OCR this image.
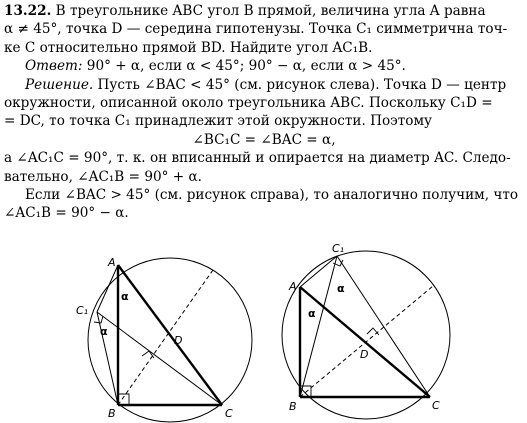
13.22. В треугольнике ABC угол B прямой, величина угла A равна
α ≠ 45°, точка D — середина гипотенузы. Точка C₁ симметрична точ-
ке C относительно прямой BD. Найдите угол AC₁B.
Ответ: 90° + α, если α < 45°; 90° − α, если α > 45°.
Решение. Пусть ∠BAC < 45° (см. рисунок слева). Точка D — центр
окружности, описанной около треугольника ABC. Поскольку C₁D =
= DC, то точка C₁ принадлежит этой окружности. Поэтому
∠BC₁C = ∠BAC = α,
а ∠AC₁C = 90°, т. к. он вписанный и опирается на диаметр AC. Следо-
вательно, ∠AC₁B = 90° + α.
Если ∠BAC > 45° (см. рисунок справа), то аналогично получим, что
∠AC₁B = 90° − α.
A
B	C
D
C₁
α
α
A
B	C
D
C₁
α
α
